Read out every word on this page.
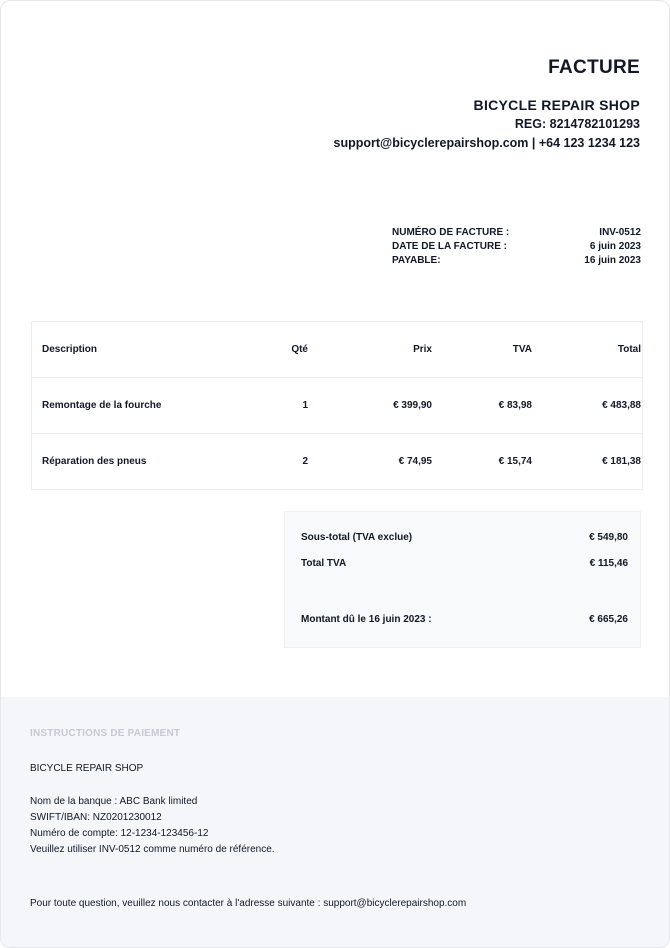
FACTURE
BICYCLE REPAIR SHOP
REG: 8214782101293
support@bicyclerepairshop.com | +64 123 1234 123
NUMÉRO DE FACTURE :	INV-0512
DATE DE LA FACTURE :	6 juin 2023
PAYABLE:	16 juin 2023
Description	Qté	Prix	TVA	Total
Remontage de la fourche	1	€ 399,90	€ 83,98	€ 483,88
Réparation des pneus	2	€ 74,95	€ 15,74	€ 181,38
Sous-total (TVA exclue)	€ 549,80
Total TVA	€ 115,46
Montant dû le 16 juin 2023 :	€ 665,26
INSTRUCTIONS DE PAIEMENT
BICYCLE REPAIR SHOP
Nom de la banque : ABC Bank limited
SWIFT/IBAN: NZ0201230012
Numéro de compte: 12-1234-123456-12
Veuillez utiliser INV-0512 comme numéro de référence.
Pour toute question, veuillez nous contacter à l'adresse suivante : support@bicyclerepairshop.com
